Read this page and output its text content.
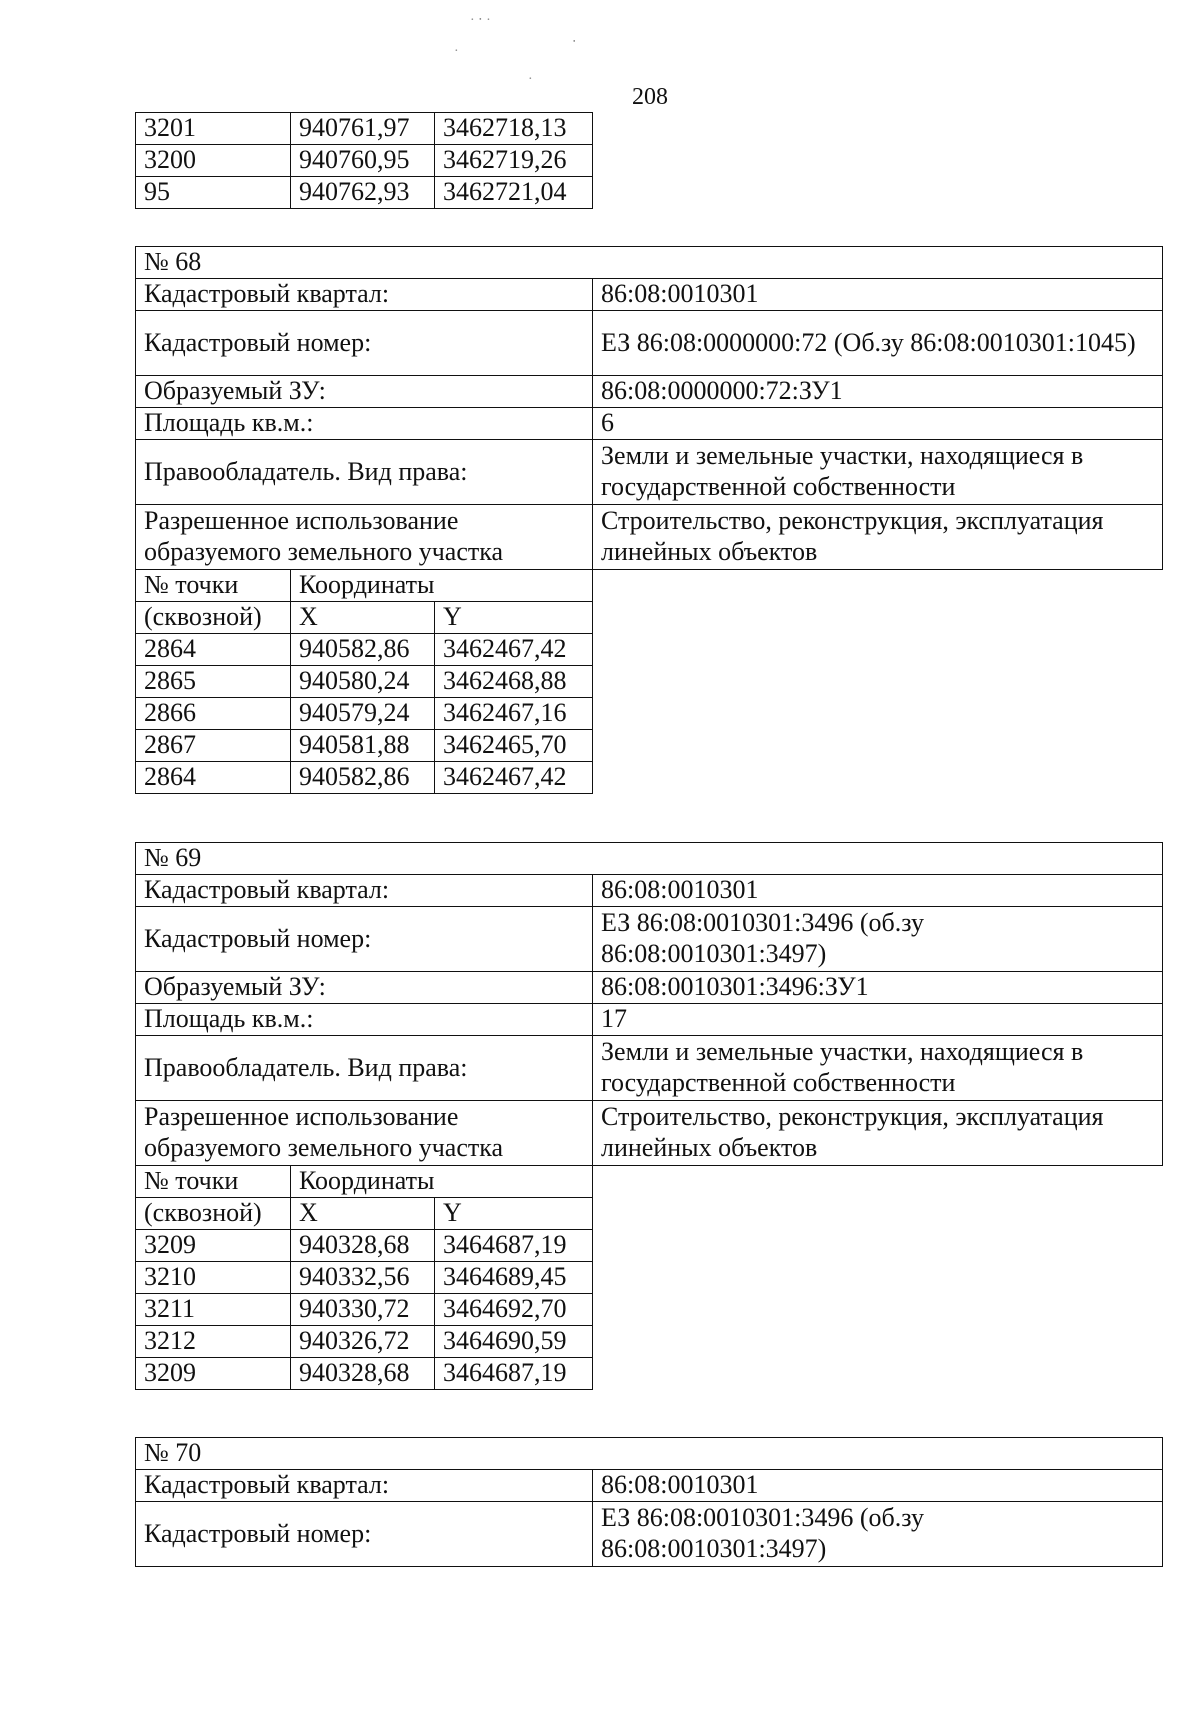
208
· ‧ ·
‧
·
·
3201	940761,97	3462718,13
3200	940760,95	3462719,26
95	940762,93	3462721,04
№ 68			
Кадастровый квартал:			86:08:0010301
Кадастровый номер:			ЕЗ 86:08:0000000:72 (Об.зу 86:08:0010301:1045)
Образуемый ЗУ:			86:08:0000000:72:ЗУ1
Площадь кв.м.:			6
Правообладатель. Вид права:			Земли и земельные участки, находящиеся в государственной собственности
Разрешенное использование образуемого земельного участка			Строительство, реконструкция, эксплуатация линейных объектов
№ точки	Координаты		
(сквозной)	X	Y	
2864	940582,86	3462467,42	
2865	940580,24	3462468,88	
2866	940579,24	3462467,16	
2867	940581,88	3462465,70	
2864	940582,86	3462467,42	
№ 69			
Кадастровый квартал:			86:08:0010301
Кадастровый номер:			ЕЗ 86:08:0010301:3496 (об.зу 86:08:0010301:3497)
Образуемый ЗУ:			86:08:0010301:3496:ЗУ1
Площадь кв.м.:			17
Правообладатель. Вид права:			Земли и земельные участки, находящиеся в государственной собственности
Разрешенное использование образуемого земельного участка			Строительство, реконструкция, эксплуатация линейных объектов
№ точки	Координаты		
(сквозной)	X	Y	
3209	940328,68	3464687,19	
3210	940332,56	3464689,45	
3211	940330,72	3464692,70	
3212	940326,72	3464690,59	
3209	940328,68	3464687,19	
№ 70	
Кадастровый квартал:	86:08:0010301
Кадастровый номер:	ЕЗ 86:08:0010301:3496 (об.зу 86:08:0010301:3497)
